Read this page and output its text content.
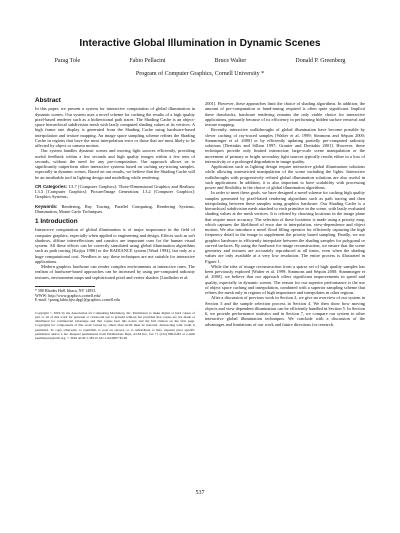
Interactive Global Illumination in Dynamic Scenes
Parag Tole	Fabio Pellacini	Bruce Walter	Donald P. Greenberg
Program of Computer Graphics, Cornell University *
Abstract

In this paper, we present a system for interactive computation of global illumination in dynamic scenes. Our system uses a novel scheme for caching the results of a high quality pixel-based renderer such as a bidirectional path tracer. The Shading Cache is an object-space hierarchical subdivision mesh with lazily computed shading values at its vertices. A high frame rate display is generated from the Shading Cache using hardware-based interpolation and texture mapping. An image space sampling scheme refines the Shading Cache in regions that have the most interpolation error or those that are most likely to be affected by object or camera motion.

Our system handles dynamic scenes and moving light sources efficiently, providing useful feedback within a few seconds and high quality images within a few tens of seconds, without the need for any pre-computation. Our approach allows us to significantly outperform other interactive systems based on caching ray-tracing samples, especially in dynamic scenes. Based on our results, we believe that the Shading Cache will be an invaluable tool in lighting design and modelling while rendering.

CR Categories: I.3.7 [Computer Graphics]: Three-Dimensional Graphics and Realism; I.3.3 [Computer Graphics]: Picture/Image Generation; I.3.2 [Computer Graphics]: Graphics Systems;
Keywords: Rendering, Ray Tracing, Parallel Computing, Rendering Systems, Illumination, Monte Carlo Techniques
1 Introduction

Interactive computation of global illumination is of major importance in the field of computer graphics, especially when applied to engineering and design. Effects such as soft shadows, diffuse interreflections and caustics are important cues for the human visual system. All these effects can be correctly simulated using global illumination algorithms such as path tracing [Kajiya 1986] or the RADIANCE system [Ward 1994], but only at a huge computational cost. Needless to say, these techniques are not suitable for interactive applications.

Modern graphics hardware can render complex environments at interactive rates. The realism of hardware-based approaches can be increased by using pre-computed radiosity textures, environment maps and sophisticated pixel and vertex shaders [Lindholm et al.

* 580 Rhodes Hall, Ithaca, NY 14853.
WWW: http://www.graphics.cornell.edu/
E-mail: {parag,fabio,bjw,dpg}@graphics.cornell.edu
Copyright © 2002 by the Association for Computing Machinery, Inc. Permission to make digital or hard copies of part or all of this work for personal or classroom use is granted without fee provided that copies are not made or distributed for commercial advantage and that copies bear this notice and the full citation on the first page. Copyrights for components of this work owned by others than ACM must be honored. Abstracting with credit is permitted. To copy otherwise, to republish, to post on servers, or to redistribute to lists, requires prior specific permission and/or a fee. Request permissions from Permissions Dept, ACM Inc., fax +1 (212) 869-0481 or e-mail permissions@acm.org. © 2002 ACM 1-58113-521-1/02/0007 $5.00

2001]. However, these approaches limit the choice of shading algorithms. In addition, the amount of pre-computation or hand-tuning required is often quite significant. Implicit these drawbacks, hardware rendering remains the only viable choice for interactive applications, primarily because of its efficiency in performing hidden surface removal and texture mapping.

Recently, interactive walkthroughs of global illumination have become possible by clever caching of ray-traced samples [Walter et al. 1999; Simmons and Séquin 2000; Stamminger et al. 2000] or by efficiently updating partially pre-computed radiosity solutions [Drettakis and Sillion 1997; Granier and Drettakis 2001]. However, these techniques provide only limited interaction; large-scale scene manipulation or the movement of primary or bright secondary light sources typically results either in a loss of interactivity or a prolonged degradation in image quality.

Applications such as lighting design require interactive global illumination solutions while allowing unrestricted manipulation of the scene including the lights. Interactive walkthroughs with progressively refined global illumination solutions are also useful in such applications. In addition, it is also important to have scalability with processing power and flexibility in the choice of global illumination algorithms.

In order to meet these goals, we have designed a novel scheme for caching high quality samples generated by pixel-based rendering algorithms such as path tracing and then interpolating between these samples using graphics hardware. Our Shading Cache is a hierarchical subdivision mesh attached to each primitive in the scene, with lazily evaluated shading values at the mesh vertices. It is refined by choosing locations in the image plane that require more accuracy. The selection of these locations is made using a priority map, which captures the likelihood of error due to interpolation, view-dependence and object motion. We also introduce a novel flood filling operator for efficiently capturing the high frequency detail in the image to supplement the priority based sampling. Finally, we use graphics hardware to efficiently interpolate between the shading samples for polygonal or curved surfaces. By using the hardware for image reconstruction, we ensure that the scene geometry and textures are accurately reproduced at all times, even when the shading values are only available at a very low resolution. The entire process is illustrated in Figure 1.

While the idea of image reconstruction from a sparse set of high quality samples has been previously explored [Walter et al. 1999; Simmons and Séquin 2000; Stamminger et al. 2000], we believe that our approach offers significant improvements in speed and quality, especially in dynamic scenes. The reason for our superior performance is the use of object space caching and interpolation, combined with a superior sampling scheme that refines the mesh only in regions of high importance and interpolates in other regions.

After a discussion of previous work in Section 2, we give an overview of our system in Section 3 and the sample selection process in Section 4. We then show how moving objects and view dependent illumination can be efficiently handled in Section 5. In Section 6, we provide performance statistics and in Section 7, we compare our system to other interactive global illumination techniques. We conclude with a discussion of the advantages and limitations of our work and future directions for research.

537
